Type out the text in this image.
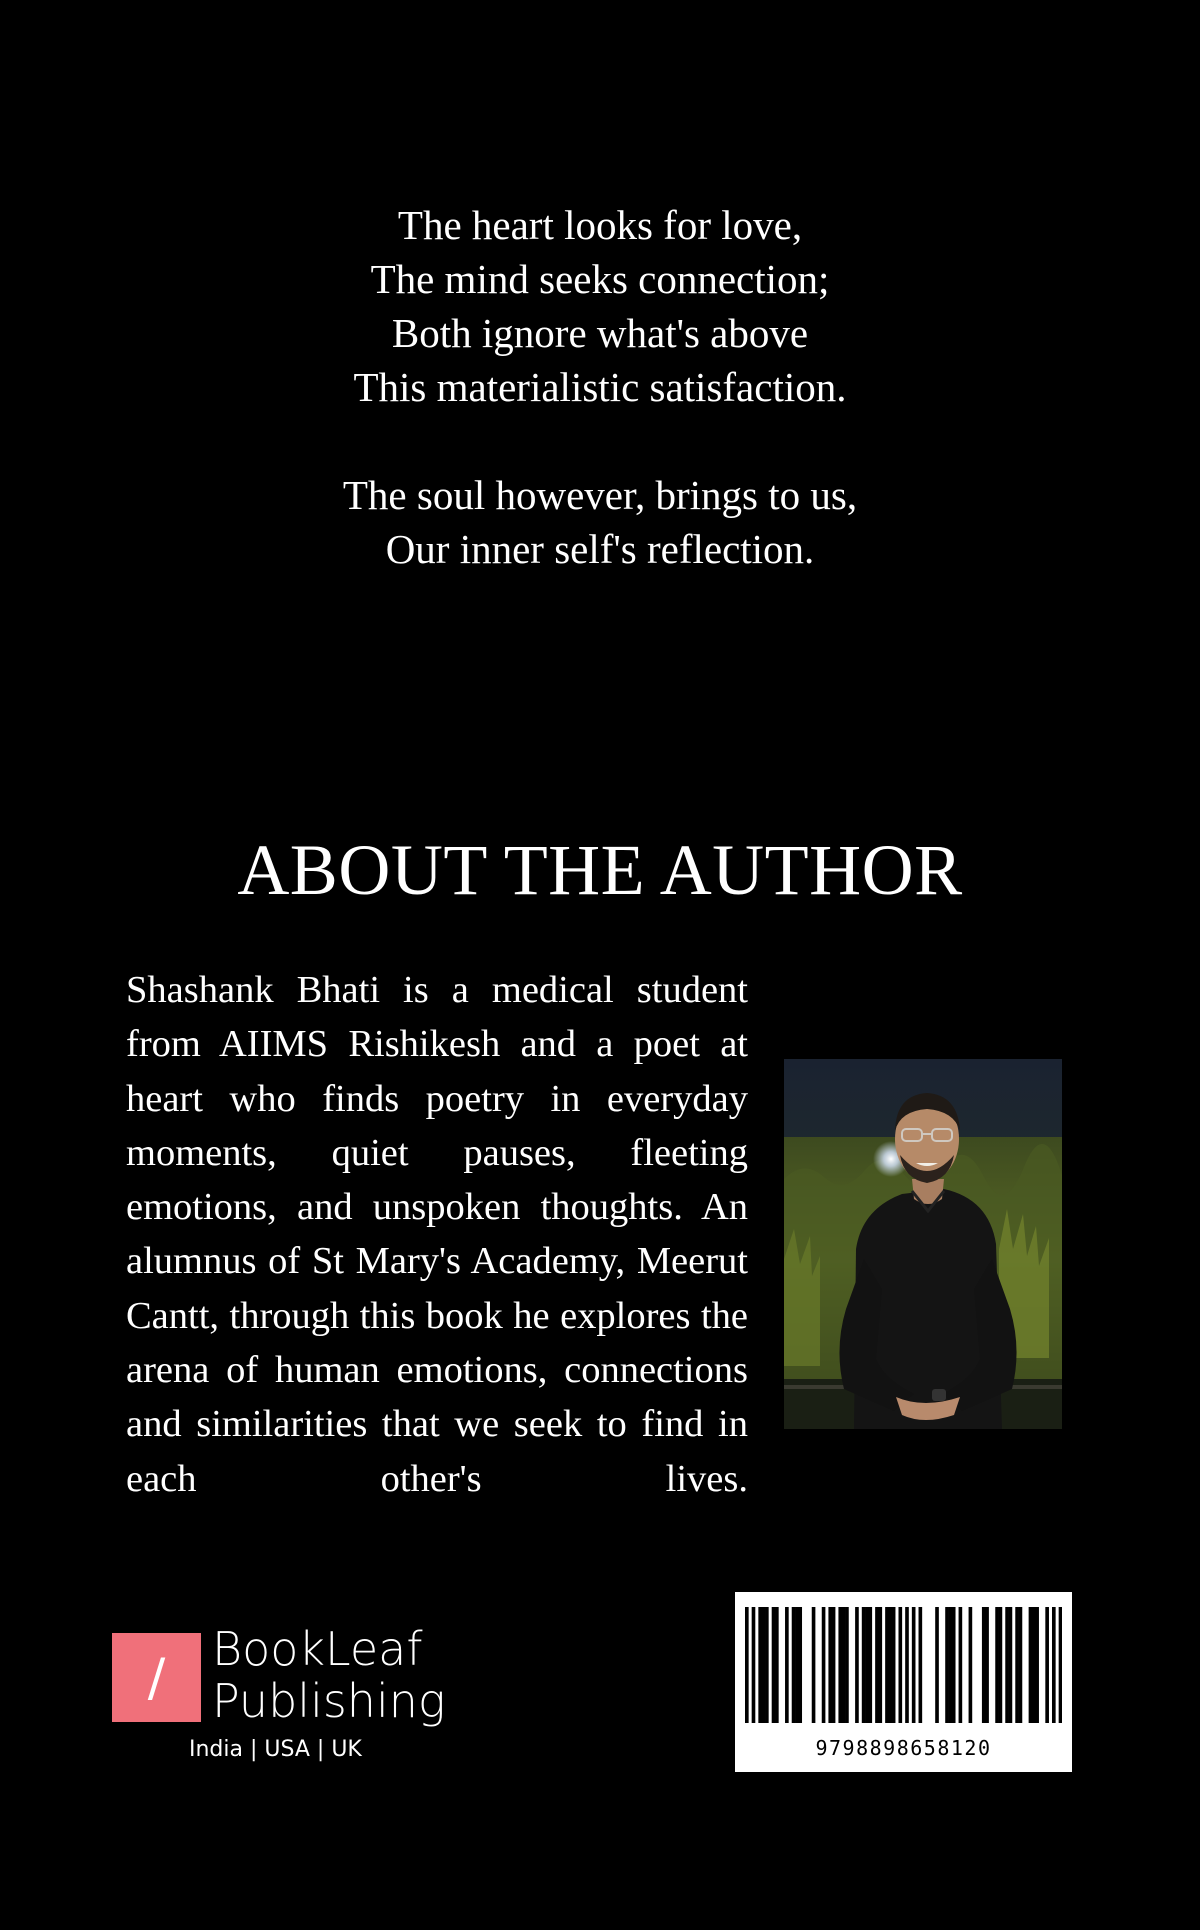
The heart looks for love,
The mind seeks connection;
Both ignore what's above
This materialistic satisfaction.
The soul however, brings to us,
Our inner self's reflection.
ABOUT THE AUTHOR
Shashank Bhati is a medical student from AIIMS Rishikesh and a poet at heart who finds poetry in everyday moments, quiet pauses, fleeting emotions, and unspoken thoughts. An alumnus of St Mary's Academy, Meerut Cantt, through this book he explores the arena of human emotions, connections and similarities that we seek to find in each other's lives.
/	BookLeaf
Publishing
India | USA | UK	9798898658120
